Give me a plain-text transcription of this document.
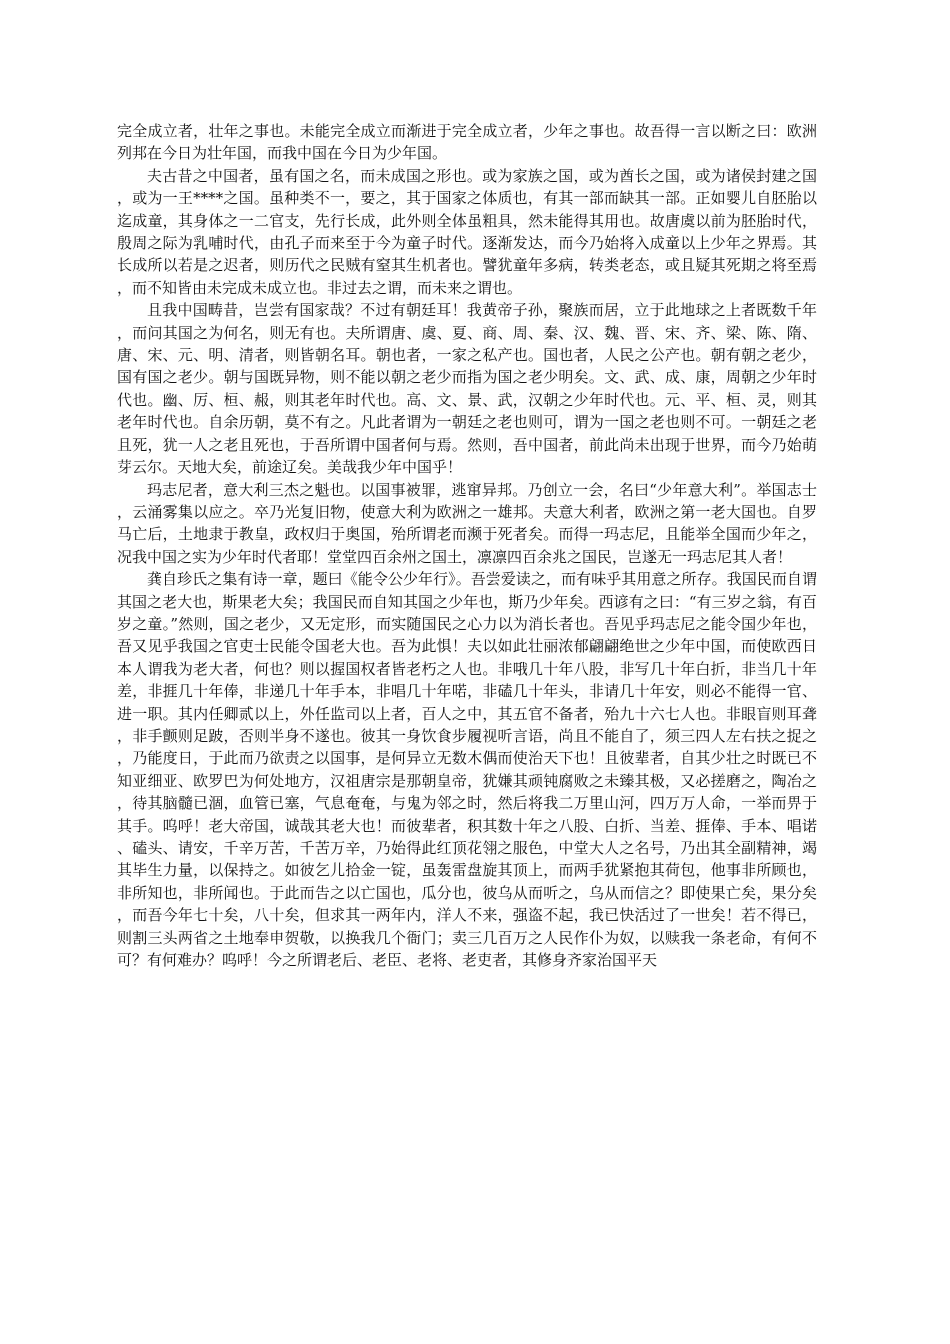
完全成立者，壮年之事也。未能完全成立而渐进于完全成立者，少年之事也。故吾得一言以断之曰：欧洲列邦在今日为壮年国，而我中国在今日为少年国。

夫古昔之中国者，虽有国之名，而未成国之形也。或为家族之国，或为酋长之国，或为诸侯封建之国，或为一王****之国。虽种类不一，要之，其于国家之体质也，有其一部而缺其一部。正如婴儿自胚胎以迄成童，其身体之一二官支，先行长成，此外则全体虽粗具，然未能得其用也。故唐虞以前为胚胎时代，殷周之际为乳哺时代，由孔子而来至于今为童子时代。逐渐发达，而今乃始将入成童以上少年之界焉。其长成所以若是之迟者，则历代之民贼有窒其生机者也。譬犹童年多病，转类老态，或且疑其死期之将至焉，而不知皆由未完成未成立也。非过去之谓，而未来之谓也。

且我中国畴昔，岂尝有国家哉？不过有朝廷耳！我黄帝子孙，聚族而居，立于此地球之上者既数千年，而问其国之为何名，则无有也。夫所谓唐、虞、夏、商、周、秦、汉、魏、晋、宋、齐、梁、陈、隋、唐、宋、元、明、清者，则皆朝名耳。朝也者，一家之私产也。国也者，人民之公产也。朝有朝之老少，国有国之老少。朝与国既异物，则不能以朝之老少而指为国之老少明矣。文、武、成、康，周朝之少年时代也。幽、厉、桓、赧，则其老年时代也。高、文、景、武，汉朝之少年时代也。元、平、桓、灵，则其老年时代也。自余历朝，莫不有之。凡此者谓为一朝廷之老也则可，谓为一国之老也则不可。一朝廷之老且死，犹一人之老且死也，于吾所谓中国者何与焉。然则，吾中国者，前此尚未出现于世界，而今乃始萌芽云尔。天地大矣，前途辽矣。美哉我少年中国乎！

玛志尼者，意大利三杰之魁也。以国事被罪，逃窜异邦。乃创立一会，名曰“少年意大利”。举国志士，云涌雾集以应之。卒乃光复旧物，使意大利为欧洲之一雄邦。夫意大利者，欧洲之第一老大国也。自罗马亡后，土地隶于教皇，政权归于奥国，殆所谓老而濒于死者矣。而得一玛志尼，且能举全国而少年之，况我中国之实为少年时代者耶！堂堂四百余州之国土，凛凛四百余兆之国民，岂遂无一玛志尼其人者！

龚自珍氏之集有诗一章，题曰《能令公少年行》。吾尝爱读之，而有味乎其用意之所存。我国民而自谓其国之老大也，斯果老大矣；我国民而自知其国之少年也，斯乃少年矣。西谚有之曰：“有三岁之翁，有百岁之童。”然则，国之老少，又无定形，而实随国民之心力以为消长者也。吾见乎玛志尼之能令国少年也，吾又见乎我国之官吏士民能令国老大也。吾为此惧！夫以如此壮丽浓郁翩翩绝世之少年中国，而使欧西日本人谓我为老大者，何也？则以握国权者皆老朽之人也。非哦几十年八股，非写几十年白折，非当几十年差，非捱几十年俸，非递几十年手本，非唱几十年喏，非磕几十年头，非请几十年安，则必不能得一官、进一职。其内任卿贰以上，外任监司以上者，百人之中，其五官不备者，殆九十六七人也。非眼盲则耳聋，非手颤则足跛，否则半身不遂也。彼其一身饮食步履视听言语，尚且不能自了，须三四人左右扶之捉之，乃能度日，于此而乃欲责之以国事，是何异立无数木偶而使治天下也！且彼辈者，自其少壮之时既已不知亚细亚、欧罗巴为何处地方，汉祖唐宗是那朝皇帝，犹嫌其顽钝腐败之未臻其极，又必搓磨之，陶冶之，待其脑髓已涸，血管已塞，气息奄奄，与鬼为邻之时，然后将我二万里山河，四万万人命，一举而畀于其手。呜呼！老大帝国，诚哉其老大也！而彼辈者，积其数十年之八股、白折、当差、捱俸、手本、唱诺、磕头、请安，千辛万苦，千苦万辛，乃始得此红顶花翎之服色，中堂大人之名号，乃出其全副精神，竭其毕生力量，以保持之。如彼乞儿拾金一锭，虽轰雷盘旋其顶上，而两手犹紧抱其荷包，他事非所顾也，非所知也，非所闻也。于此而告之以亡国也，瓜分也，彼乌从而听之，乌从而信之？即使果亡矣，果分矣，而吾今年七十矣，八十矣，但求其一两年内，洋人不来，强盗不起，我已快活过了一世矣！若不得已，则割三头两省之土地奉申贺敬，以换我几个衙门；卖三几百万之人民作仆为奴，以赎我一条老命，有何不可？有何难办？呜呼！今之所谓老后、老臣、老将、老吏者，其修身齐家治国平天
